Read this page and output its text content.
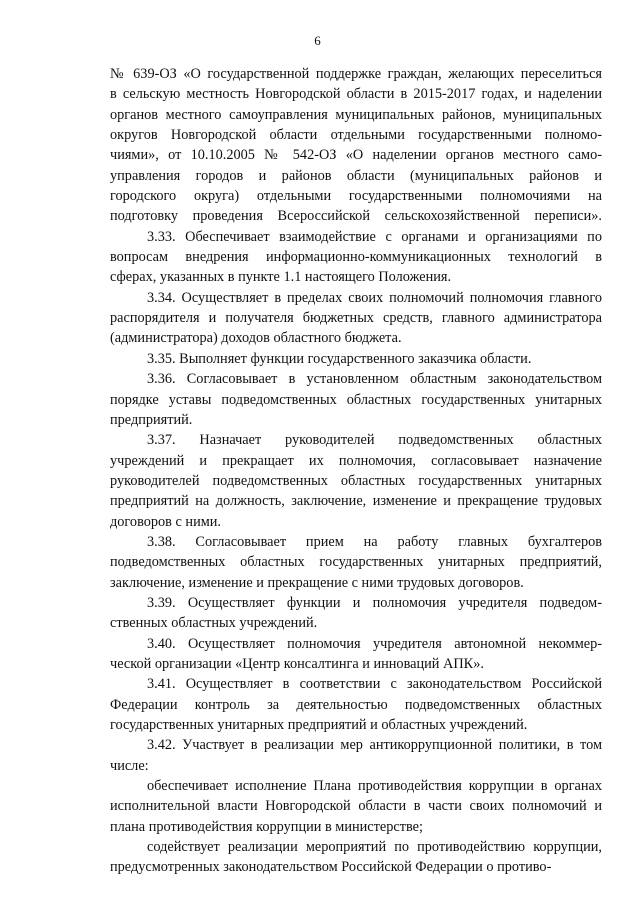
6

№ 639-ОЗ «О государственной поддержке граждан, желающих переселиться
в сельскую местность Новгородской области в 2015-2017 годах, и наделении
органов местного самоуправления муниципальных районов, муниципальных
округов Новгородской области отдельными государственными полномо-
чиями», от 10.10.2005 № 542-ОЗ «О наделении органов местного само-
управления городов и районов области (муниципальных районов и
городского округа) отдельными государственными полномочиями на
подготовку проведения Всероссийской сельскохозяйственной переписи».

3.33. Обеспечивает взаимодействие с органами и организациями по
вопросам внедрения информационно-коммуникационных технологий в
сферах, указанных в пункте 1.1 настоящего Положения.

3.34. Осуществляет в пределах своих полномочий полномочия главного
распорядителя и получателя бюджетных средств, главного администратора
(администратора) доходов областного бюджета.

3.35. Выполняет функции государственного заказчика области.

3.36. Согласовывает в установленном областным законодательством
порядке уставы подведомственных областных государственных унитарных
предприятий.

3.37. Назначает руководителей подведомственных областных
учреждений и прекращает их полномочия, согласовывает назначение
руководителей подведомственных областных государственных унитарных
предприятий на должность, заключение, изменение и прекращение трудовых
договоров с ними.

3.38. Согласовывает прием на работу главных бухгалтеров
подведомственных областных государственных унитарных предприятий,
заключение, изменение и прекращение с ними трудовых договоров.

3.39. Осуществляет функции и полномочия учредителя подведом-
ственных областных учреждений.

3.40. Осуществляет полномочия учредителя автономной некоммер-
ческой организации «Центр консалтинга и инноваций АПК».

3.41. Осуществляет в соответствии с законодательством Российской
Федерации контроль за деятельностью подведомственных областных
государственных унитарных предприятий и областных учреждений.

3.42. Участвует в реализации мер антикоррупционной политики, в том
числе:

обеспечивает исполнение Плана противодействия коррупции в органах
исполнительной власти Новгородской области в части своих полномочий и
плана противодействия коррупции в министерстве;

содействует реализации мероприятий по противодействию коррупции,
предусмотренных законодательством Российской Федерации о противо-
